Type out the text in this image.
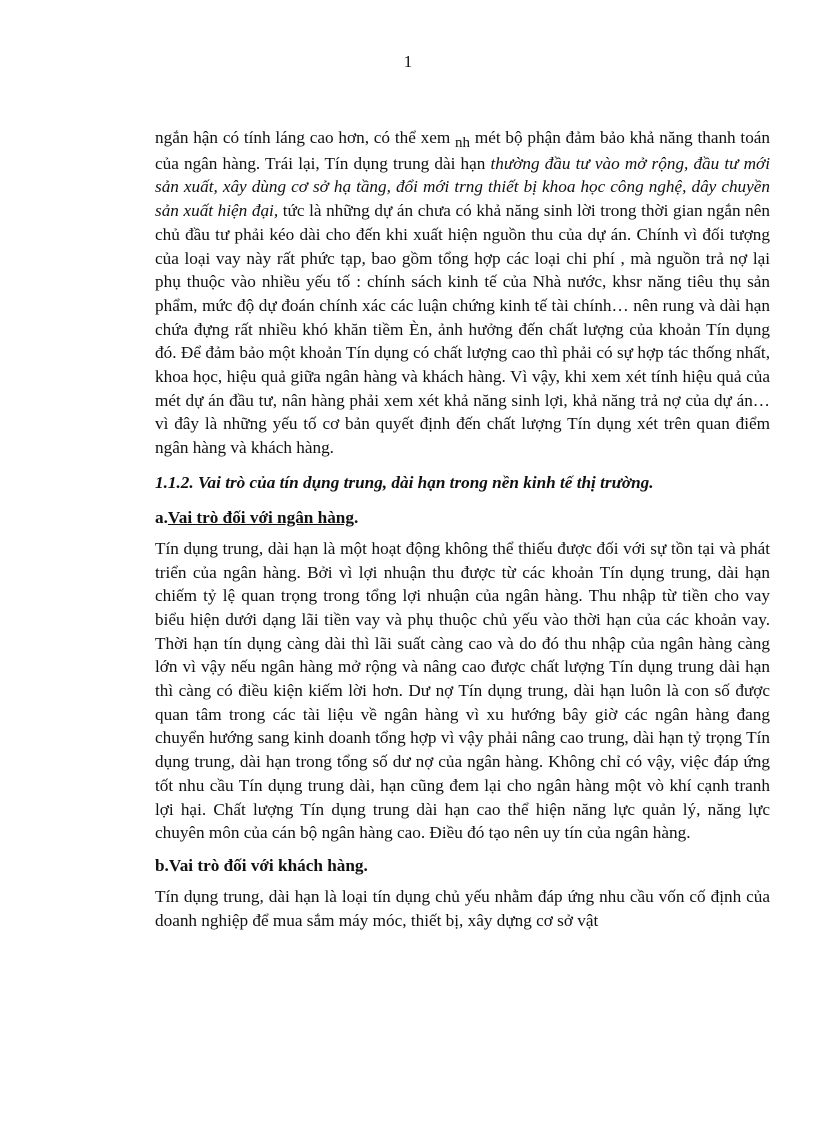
1

ngắn hận có tính láng cao hơn, có thể xem nh mét bộ phận đảm bảo khả năng thanh toán của ngân hàng. Trái lại, Tín dụng trung dài hạn thường đầu tư vào mở rộng, đầu tư mới sản xuất, xây dùng cơ sở hạ tầng, đổi mới trng thiết bị khoa học công nghệ, dây chuyền sản xuất hiện đại, tức là những dự án chưa có khả năng sinh lời trong thời gian ngắn nên chủ đầu tư phải kéo dài cho đến khi xuất hiện nguồn thu của dự án. Chính vì đối tượng của loại vay này rất phức tạp, bao gồm tổng hợp các loại chi phí , mà nguồn trả nợ lại phụ thuộc vào nhiều yếu tố : chính sách kinh tế của Nhà nước, khsr năng tiêu thụ sản phẩm, mức độ dự đoán chính xác các luận chứng kinh tế tài chính… nên rung và dài hạn chứa đựng rất nhiều khó khăn tiềm Èn, ảnh hưởng đến chất lượng của khoản Tín dụng đó. Để đảm bảo một khoản Tín dụng có chất lượng cao thì phải có sự hợp tác thống nhất, khoa học, hiệu quả giữa ngân hàng và khách hàng. Vì vậy, khi xem xét tính hiệu quả của mét dự án đầu tư, nân hàng phải xem xét khả năng sinh lợi, khả năng trả nợ của dự án… vì đây là những yếu tố cơ bản quyết định đến chất lượng Tín dụng xét trên quan điểm ngân hàng và khách hàng.

1.1.2. Vai trò của tín dụng trung, dài hạn trong nền kinh tế thị trường.
a.Vai trò đối với ngân hàng.

Tín dụng trung, dài hạn là một hoạt động không thể thiếu được đối với sự tồn tại và phát triển của ngân hàng. Bởi vì lợi nhuận thu được từ các khoản Tín dụng trung, dài hạn chiếm tỷ lệ quan trọng trong tổng lợi nhuận của ngân hàng. Thu nhập từ tiền cho vay biểu hiện dưới dạng lãi tiền vay và phụ thuộc chủ yếu vào thời hạn của các khoản vay. Thời hạn tín dụng càng dài thì lãi suất càng cao và do đó thu nhập của ngân hàng càng lớn vì vậy nếu ngân hàng mở rộng và nâng cao được chất lượng Tín dụng trung dài hạn thì càng có điều kiện kiếm lời hơn. Dư nợ Tín dụng trung, dài hạn luôn là con số được quan tâm trong các tài liệu về ngân hàng vì xu hướng bây giờ các ngân hàng đang chuyển hướng sang kinh doanh tổng hợp vì vậy phải nâng cao trung, dài hạn tỷ trọng Tín dụng trung, dài hạn trong tổng số dư nợ của ngân hàng. Không chỉ có vậy, việc đáp ứng tốt nhu cầu Tín dụng trung dài, hạn cũng đem lại cho ngân hàng một vò khí cạnh tranh lợi hại. Chất lượng Tín dụng trung dài hạn cao thể hiện năng lực quản lý, năng lực chuyên môn của cán bộ ngân hàng cao. Điều đó tạo nên uy tín của ngân hàng.

b.Vai trò đối với khách hàng.

Tín dụng trung, dài hạn là loại tín dụng chủ yếu nhằm đáp ứng nhu cầu vốn cố định của doanh nghiệp để mua sắm máy móc, thiết bị, xây dựng cơ sở vật
